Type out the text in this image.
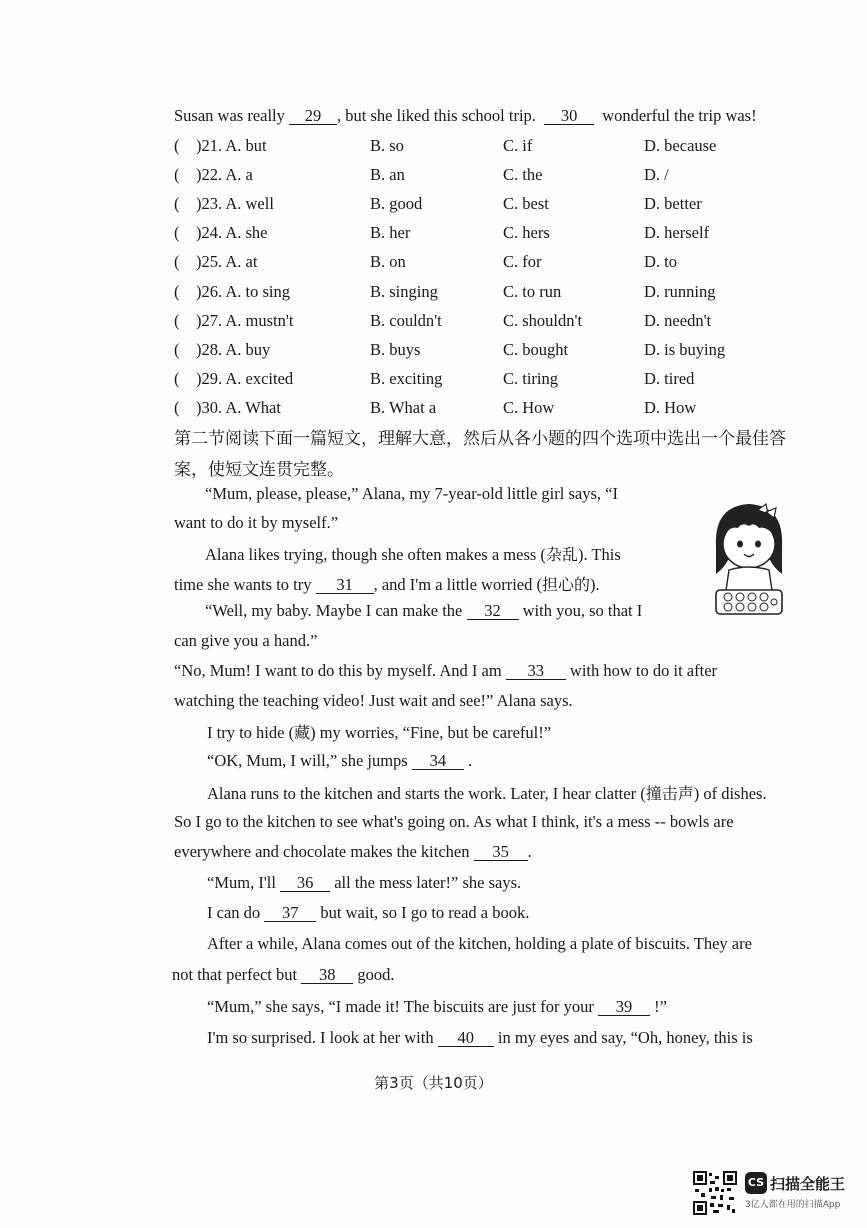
Susan was really 29 , but she liked this school trip. 30 wonderful the trip was!
( )21. A. but	B. so	C. if	D. because
( )22. A. a	B. an	C. the	D. /
( )23. A. well	B. good	C. best	D. better
( )24. A. she	B. her	C. hers	D. herself
( )25. A. at	B. on	C. for	D. to
( )26. A. to sing	B. singing	C. to run	D. running
( )27. A. mustn't	B. couldn't	C. shouldn't	D. needn't
( )28. A. buy	B. buys	C. bought	D. is buying
( )29. A. excited	B. exciting	C. tiring	D. tired
( )30. A. What	B. What a	C. How	D. How
第二节阅读下面一篇短文，理解大意，然后从各小题的四个选项中选出一个最佳答
案，使短文连贯完整。
“Mum, please, please,” Alana, my 7-year-old little girl says, “I
want to do it by myself.”
Alana likes trying, though she often makes a mess (杂乱). This
time she wants to try 31 , and I'm a little worried (担心的).
“Well, my baby. Maybe I can make the 32 with you, so that I
can give you a hand.”
“No, Mum! I want to do this by myself. And I am 33 with how to do it after
watching the teaching video! Just wait and see!” Alana says.
I try to hide (藏) my worries, “Fine, but be careful!”
“OK, Mum, I will,” she jumps 34 .
Alana runs to the kitchen and starts the work. Later, I hear clatter (撞击声) of dishes.
So I go to the kitchen to see what's going on. As what I think, it's a mess -- bowls are
everywhere and chocolate makes the kitchen 35 .
“Mum, I'll 36 all the mess later!” she says.
I can do 37 but wait, so I go to read a book.
After a while, Alana comes out of the kitchen, holding a plate of biscuits. They are
not that perfect but 38 good.
“Mum,” she says, “I made it! The biscuits are just for your 39 !”
I'm so surprised. I look at her with 40 in my eyes and say, “Oh, honey, this is
第3页（共10页）
CS 扫描全能王
3亿人都在用的扫描App
